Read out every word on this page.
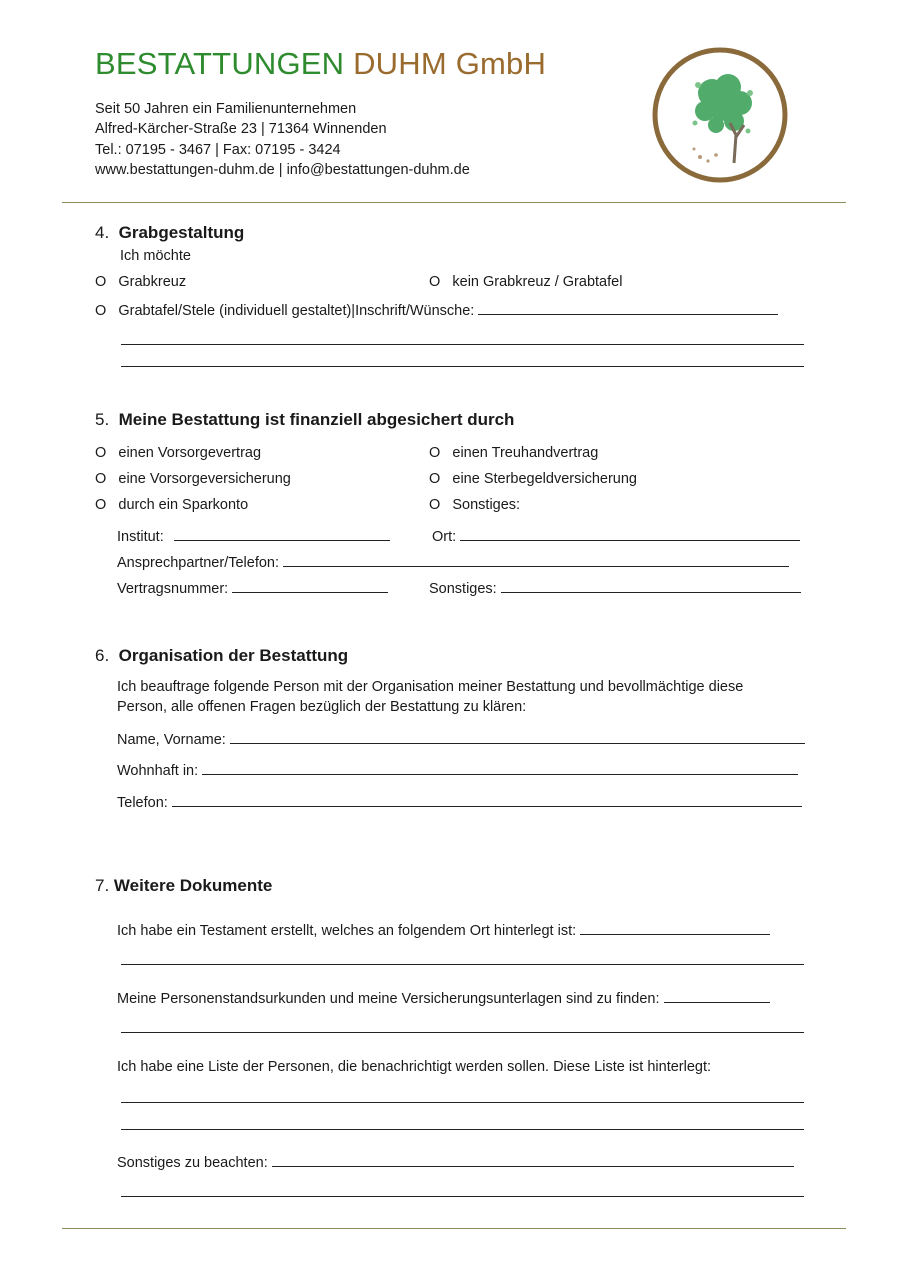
BESTATTUNGEN DUHM GmbH
Seit 50 Jahren ein Familienunternehmen
Alfred-Kärcher-Straße 23 | 71364 Winnenden
Tel.: 07195 - 3467 | Fax: 07195 - 3424
www.bestattungen-duhm.de | info@bestattungen-duhm.de
4. Grabgestaltung
Ich möchte
O Grabkreuz	O kein Grabkreuz / Grabtafel
O Grabtafel/Stele (individuell gestaltet)|Inschrift/Wünsche:
5. Meine Bestattung ist finanziell abgesichert durch
O einen Vorsorgevertrag	O einen Treuhandvertrag
O eine Vorsorgeversicherung	O eine Sterbegeldversicherung
O durch ein Sparkonto	O Sonstiges:
Institut:	Ort:
Ansprechpartner/Telefon:
Vertragsnummer:	Sonstiges:
6. Organisation der Bestattung
Ich beauftrage folgende Person mit der Organisation meiner Bestattung und bevollmächtige diese
Person, alle offenen Fragen bezüglich der Bestattung zu klären:
Name, Vorname:
Wohnhaft in:
Telefon:
7. Weitere Dokumente
Ich habe ein Testament erstellt, welches an folgendem Ort hinterlegt ist:
Meine Personenstandsurkunden und meine Versicherungsunterlagen sind zu finden:
Ich habe eine Liste der Personen, die benachrichtigt werden sollen. Diese Liste ist hinterlegt:
Sonstiges zu beachten:
